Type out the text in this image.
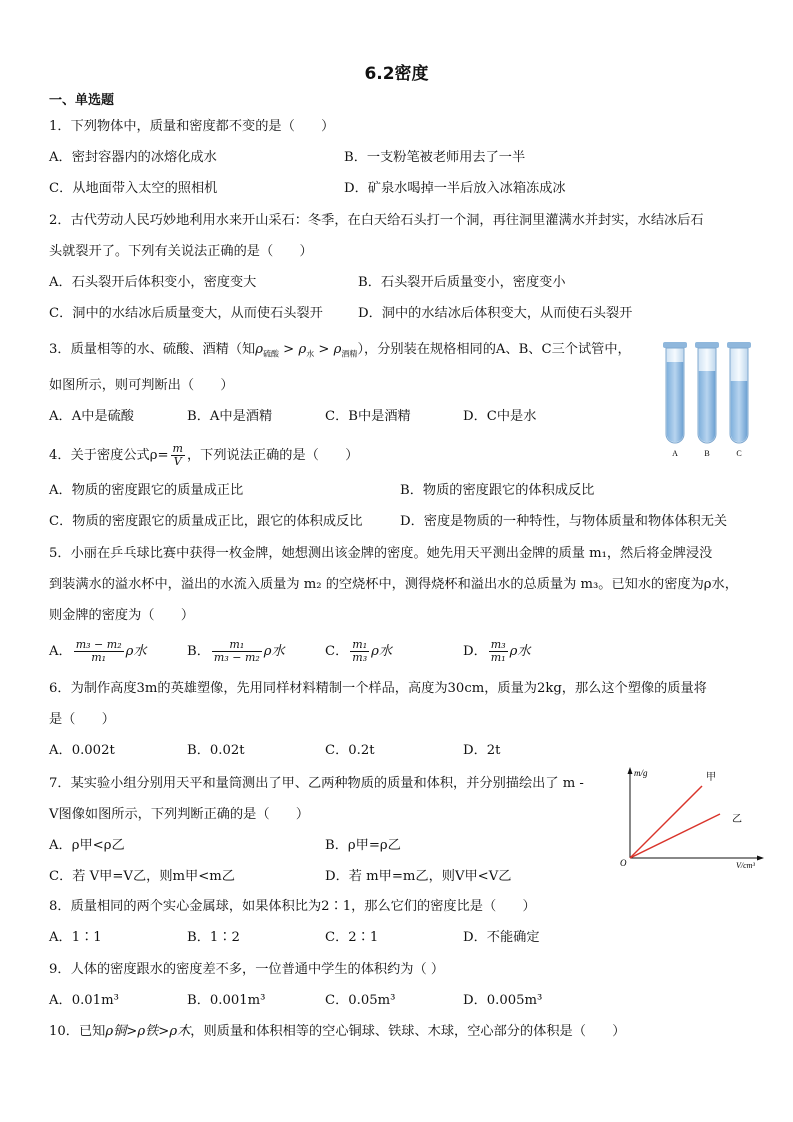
6.2密度
一、单选题
1．下列物体中，质量和密度都不变的是（　　）
A．密封容器内的冰熔化成水	B．一支粉笔被老师用去了一半
C．从地面带入太空的照相机	D．矿泉水喝掉一半后放入冰箱冻成冰
2．古代劳动人民巧妙地利用水来开山采石：冬季，在白天给石头打一个洞，再往洞里灌满水并封实，水结冰后石
头就裂开了。下列有关说法正确的是（　　）
A．石头裂开后体积变小，密度变大	B．石头裂开后质量变小，密度变小
C．洞中的水结冰后质量变大，从而使石头裂开	D．洞中的水结冰后体积变大，从而使石头裂开
3．质量相等的水、硫酸、酒精（知$\rho_{硫酸} > \rho_水 > \rho_{酒精}$），分别装在规格相同的A、B、C三个试管中，
如图所示，则可判断出（　　）
A．A中是硫酸	B．A中是酒精	C．B中是酒精	D．C中是水
A	B	C
4．关于密度公式$\rho= \frac{m}{V}$ ，下列说法正确的是（　　）
A．物质的密度跟它的质量成正比	B．物质的密度跟它的体积成反比
C．物质的密度跟它的质量成正比，跟它的体积成反比	D．密度是物质的一种特性，与物体质量和物体体积无关
5．小丽在乒乓球比赛中获得一枚金牌，她想测出该金牌的密度。她先用天平测出金牌的质量 m₁，然后将金牌浸没
到装满水的溢水杯中，溢出的水流入质量为 m₂ 的空烧杯中，测得烧杯和溢出水的总质量为 m₃。已知水的密度为ρ水，
则金牌的密度为（　　）
A． $\frac{\text{m₃ − m₂}}{\text{m₁}}$ ρ水	B． $\frac{\text{m₁}}{\text{m₃ − m₂}}$ ρ水	C． $\frac{\text{m₁}}{\text{m₃}}$ ρ水	D． $\frac{\text{m₃}}{\text{m₁}}$ ρ水
6．为制作高度3m的英雄塑像，先用同样材料精制一个样品，高度为30cm，质量为2kg，那么这个塑像的质量将
是（　　）
A．0.002t	B．0.02t	C．0.2t	D．2t
7．某实验小组分别用天平和量筒测出了甲、乙两种物质的质量和体积，并分别描绘出了 m -
V图像如图所示，下列判断正确的是（　　）
A．ρ甲<ρ乙	B．ρ甲=ρ乙
C．若 V甲=V乙，则m甲<m乙	D．若 m甲=m乙，则V甲<V乙
m/g
V/cm³
O
甲
乙
8．质量相同的两个实心金属球，如果体积比为2∶1，那么它们的密度比是（　　）
A．1∶1	B．1∶2	C．2∶1	D．不能确定
9．人体的密度跟水的密度差不多，一位普通中学生的体积约为（ ）
A．0.01m³	B．0.001m³	C．0.05m³	D．0.005m³
10．已知ρ铜>ρ铁>ρ木，则质量和体积相等的空心铜球、铁球、木球，空心部分的体积是（　　）
